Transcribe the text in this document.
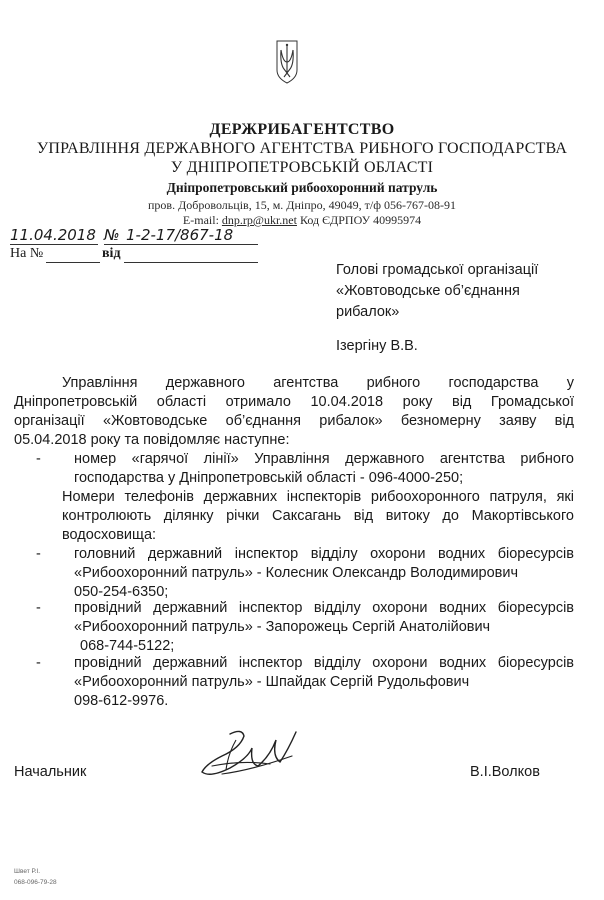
ДЕРЖРИБАГЕНТСТВО
УПРАВЛІННЯ ДЕРЖАВНОГО АГЕНТСТВА РИБНОГО ГОСПОДАРСТВА
У ДНІПРОПЕТРОВСЬКІЙ ОБЛАСТІ
Дніпропетровський рибоохоронний патруль
пров. Добровольців, 15, м. Дніпро, 49049, т/ф 056-767-08-91
E-mail: dnp.rp@ukr.net Код ЄДРПОУ 40995974
11.04.2018 № 1-2-17/867-18
На №	від
Голові громадської організації
«Жовтоводське об’єднання
рибалок»
Ізергіну В.В.
Управління державного агентства рибного господарства у
Дніпропетровській області отримало 10.04.2018 року від Громадської
організації «Жовтоводське об’єднання рибалок» безномерну заяву від
05.04.2018 року та повідомляє наступне:
- номер «гарячої лінії» Управління державного агентства рибного
господарства у Дніпропетровській області - 096-4000-250;
Номери телефонів державних інспекторів рибоохоронного патруля, які
контролюють ділянку річки Саксагань від витоку до Макортівського
водосховища:
- головний державний інспектор відділу охорони водних біоресурсів
«Рибоохоронний патруль» - Колесник Олександр Володимирович
050-254-6350;
- провідний державний інспектор відділу охорони водних біоресурсів
«Рибоохоронний патруль» - Запорожець Сергій Анатолійович
068-744-5122;
- провідний державний інспектор відділу охорони водних біоресурсів
«Рибоохоронний патруль» - Шпайдак Сергій Рудольфович
098-612-9976.
Начальник	В.І.Волков
Швет Р.І.
068-096-79-28
